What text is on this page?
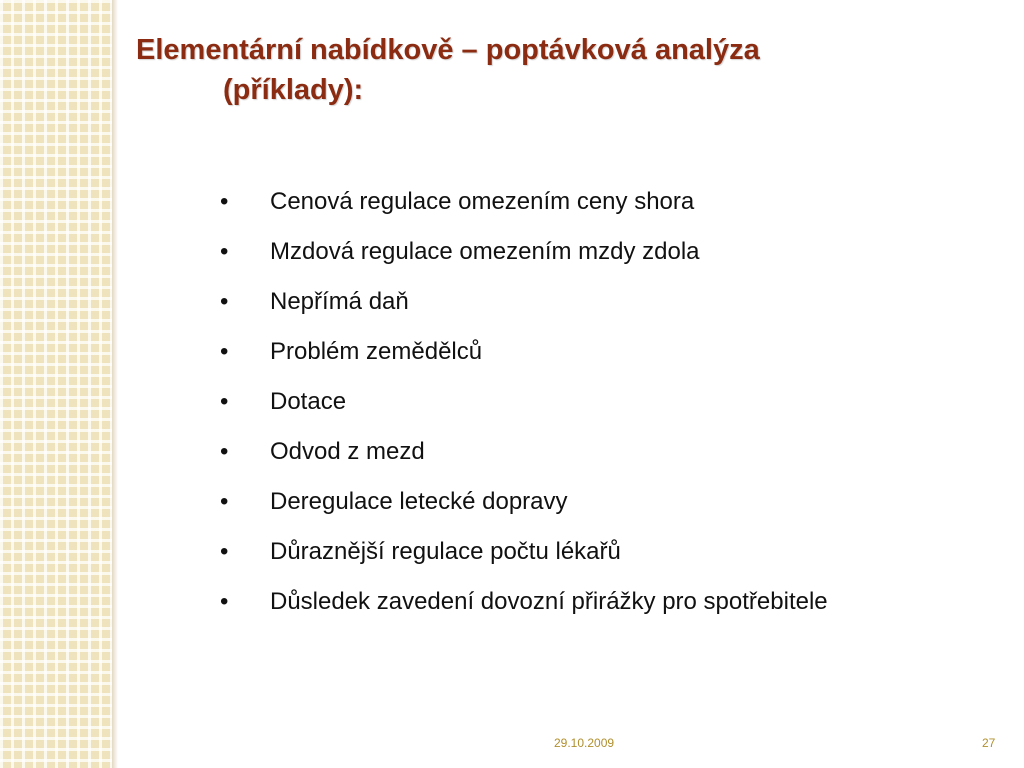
Elementární nabídkově – poptávková analýza
(příklady):
• Cenová regulace omezením ceny shora
• Mzdová regulace omezením mzdy zdola
• Nepřímá daň
• Problém zemědělců
• Dotace
• Odvod z mezd
• Deregulace letecké dopravy
• Důraznější regulace počtu lékařů
• Důsledek zavedení dovozní přirážky pro spotřebitele
29.10.2009	27
